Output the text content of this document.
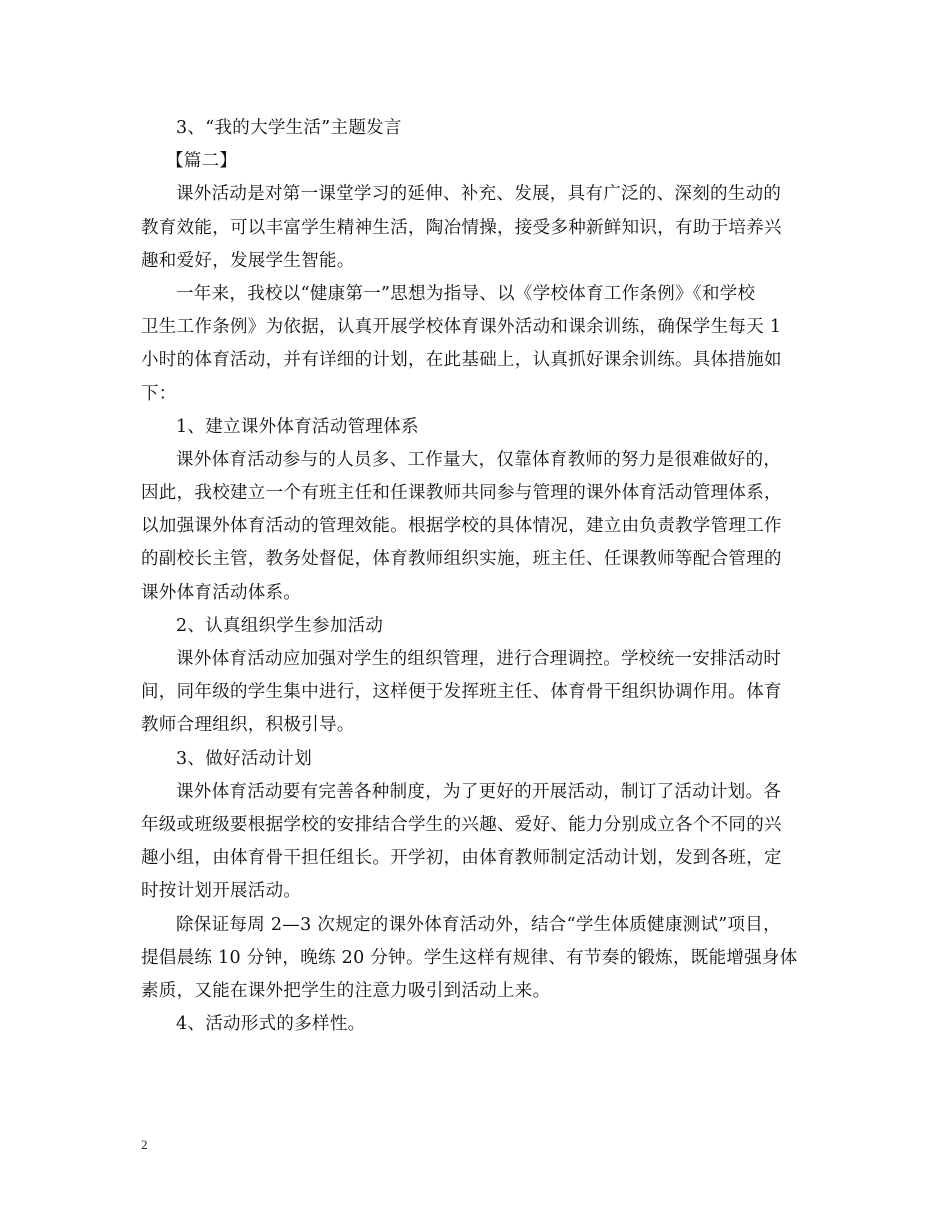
3、“我的大学生活”主题发言
【篇二】
课外活动是对第一课堂学习的延伸、补充、发展，具有广泛的、深刻的生动的
教育效能，可以丰富学生精神生活，陶冶情操，接受多种新鲜知识，有助于培养兴
趣和爱好，发展学生智能。
一年来，我校以“健康第一”思想为指导、以《学校体育工作条例》《和学校
卫生工作条例》为依据，认真开展学校体育课外活动和课余训练，确保学生每天 1
小时的体育活动，并有详细的计划，在此基础上，认真抓好课余训练。具体措施如
下：
1、建立课外体育活动管理体系
课外体育活动参与的人员多、工作量大，仅靠体育教师的努力是很难做好的，
因此，我校建立一个有班主任和任课教师共同参与管理的课外体育活动管理体系，
以加强课外体育活动的管理效能。根据学校的具体情况，建立由负责教学管理工作
的副校长主管，教务处督促，体育教师组织实施，班主任、任课教师等配合管理的
课外体育活动体系。
2、认真组织学生参加活动
课外体育活动应加强对学生的组织管理，进行合理调控。学校统一安排活动时
间，同年级的学生集中进行，这样便于发挥班主任、体育骨干组织协调作用。体育
教师合理组织，积极引导。
3、做好活动计划
课外体育活动要有完善各种制度，为了更好的开展活动，制订了活动计划。各
年级或班级要根据学校的安排结合学生的兴趣、爱好、能力分别成立各个不同的兴
趣小组，由体育骨干担任组长。开学初，由体育教师制定活动计划，发到各班，定
时按计划开展活动。
除保证每周 2—3 次规定的课外体育活动外，结合“学生体质健康测试”项目，
提倡晨练 10 分钟，晚练 20 分钟。学生这样有规律、有节奏的锻炼，既能增强身体
素质，又能在课外把学生的注意力吸引到活动上来。
4、活动形式的多样性。
2
